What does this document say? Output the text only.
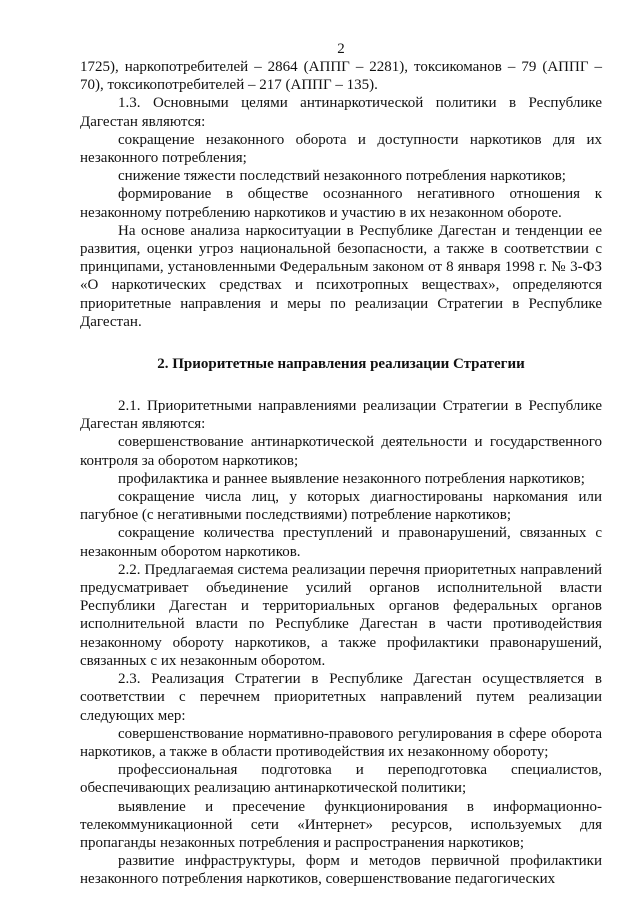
2

1725), наркопотребителей – 2864 (АППГ – 2281), токсикоманов – 79 (АППГ – 70), токсикопотребителей – 217 (АППГ – 135).

1.3. Основными целями антинаркотической политики в Республике Дагестан являются:

сокращение незаконного оборота и доступности наркотиков для их незаконного потребления;

снижение тяжести последствий незаконного потребления наркотиков;

формирование в обществе осознанного негативного отношения к незаконному потреблению наркотиков и участию в их незаконном обороте.

На основе анализа наркоситуации в Республике Дагестан и тенденции ее развития, оценки угроз национальной безопасности, а также в соответствии с принципами, установленными Федеральным законом от 8 января 1998 г. № 3-ФЗ «О наркотических средствах и психотропных веществах», определяются приоритетные направления и меры по реализации Стратегии в Республике Дагестан.

2. Приоритетные направления реализации Стратегии

2.1. Приоритетными направлениями реализации Стратегии в Республике Дагестан являются:

совершенствование антинаркотической деятельности и государственного контроля за оборотом наркотиков;

профилактика и раннее выявление незаконного потребления наркотиков;

сокращение числа лиц, у которых диагностированы наркомания или пагубное (с негативными последствиями) потребление наркотиков;

сокращение количества преступлений и правонарушений, связанных с незаконным оборотом наркотиков.

2.2. Предлагаемая система реализации перечня приоритетных направлений предусматривает объединение усилий органов исполнительной власти Республики Дагестан и территориальных органов федеральных органов исполнительной власти по Республике Дагестан в части противодействия незаконному обороту наркотиков, а также профилактики правонарушений, связанных с их незаконным оборотом.

2.3. Реализация Стратегии в Республике Дагестан осуществляется в соответствии с перечнем приоритетных направлений путем реализации следующих мер:

совершенствование нормативно-правового регулирования в сфере оборота наркотиков, а также в области противодействия их незаконному обороту;

профессиональная подготовка и переподготовка специалистов, обеспечивающих реализацию антинаркотической политики;

выявление и пресечение функционирования в информационно-телекоммуникационной сети «Интернет» ресурсов, используемых для пропаганды незаконных потребления и распространения наркотиков;

развитие инфраструктуры, форм и методов первичной профилактики незаконного потребления наркотиков, совершенствование педагогических
